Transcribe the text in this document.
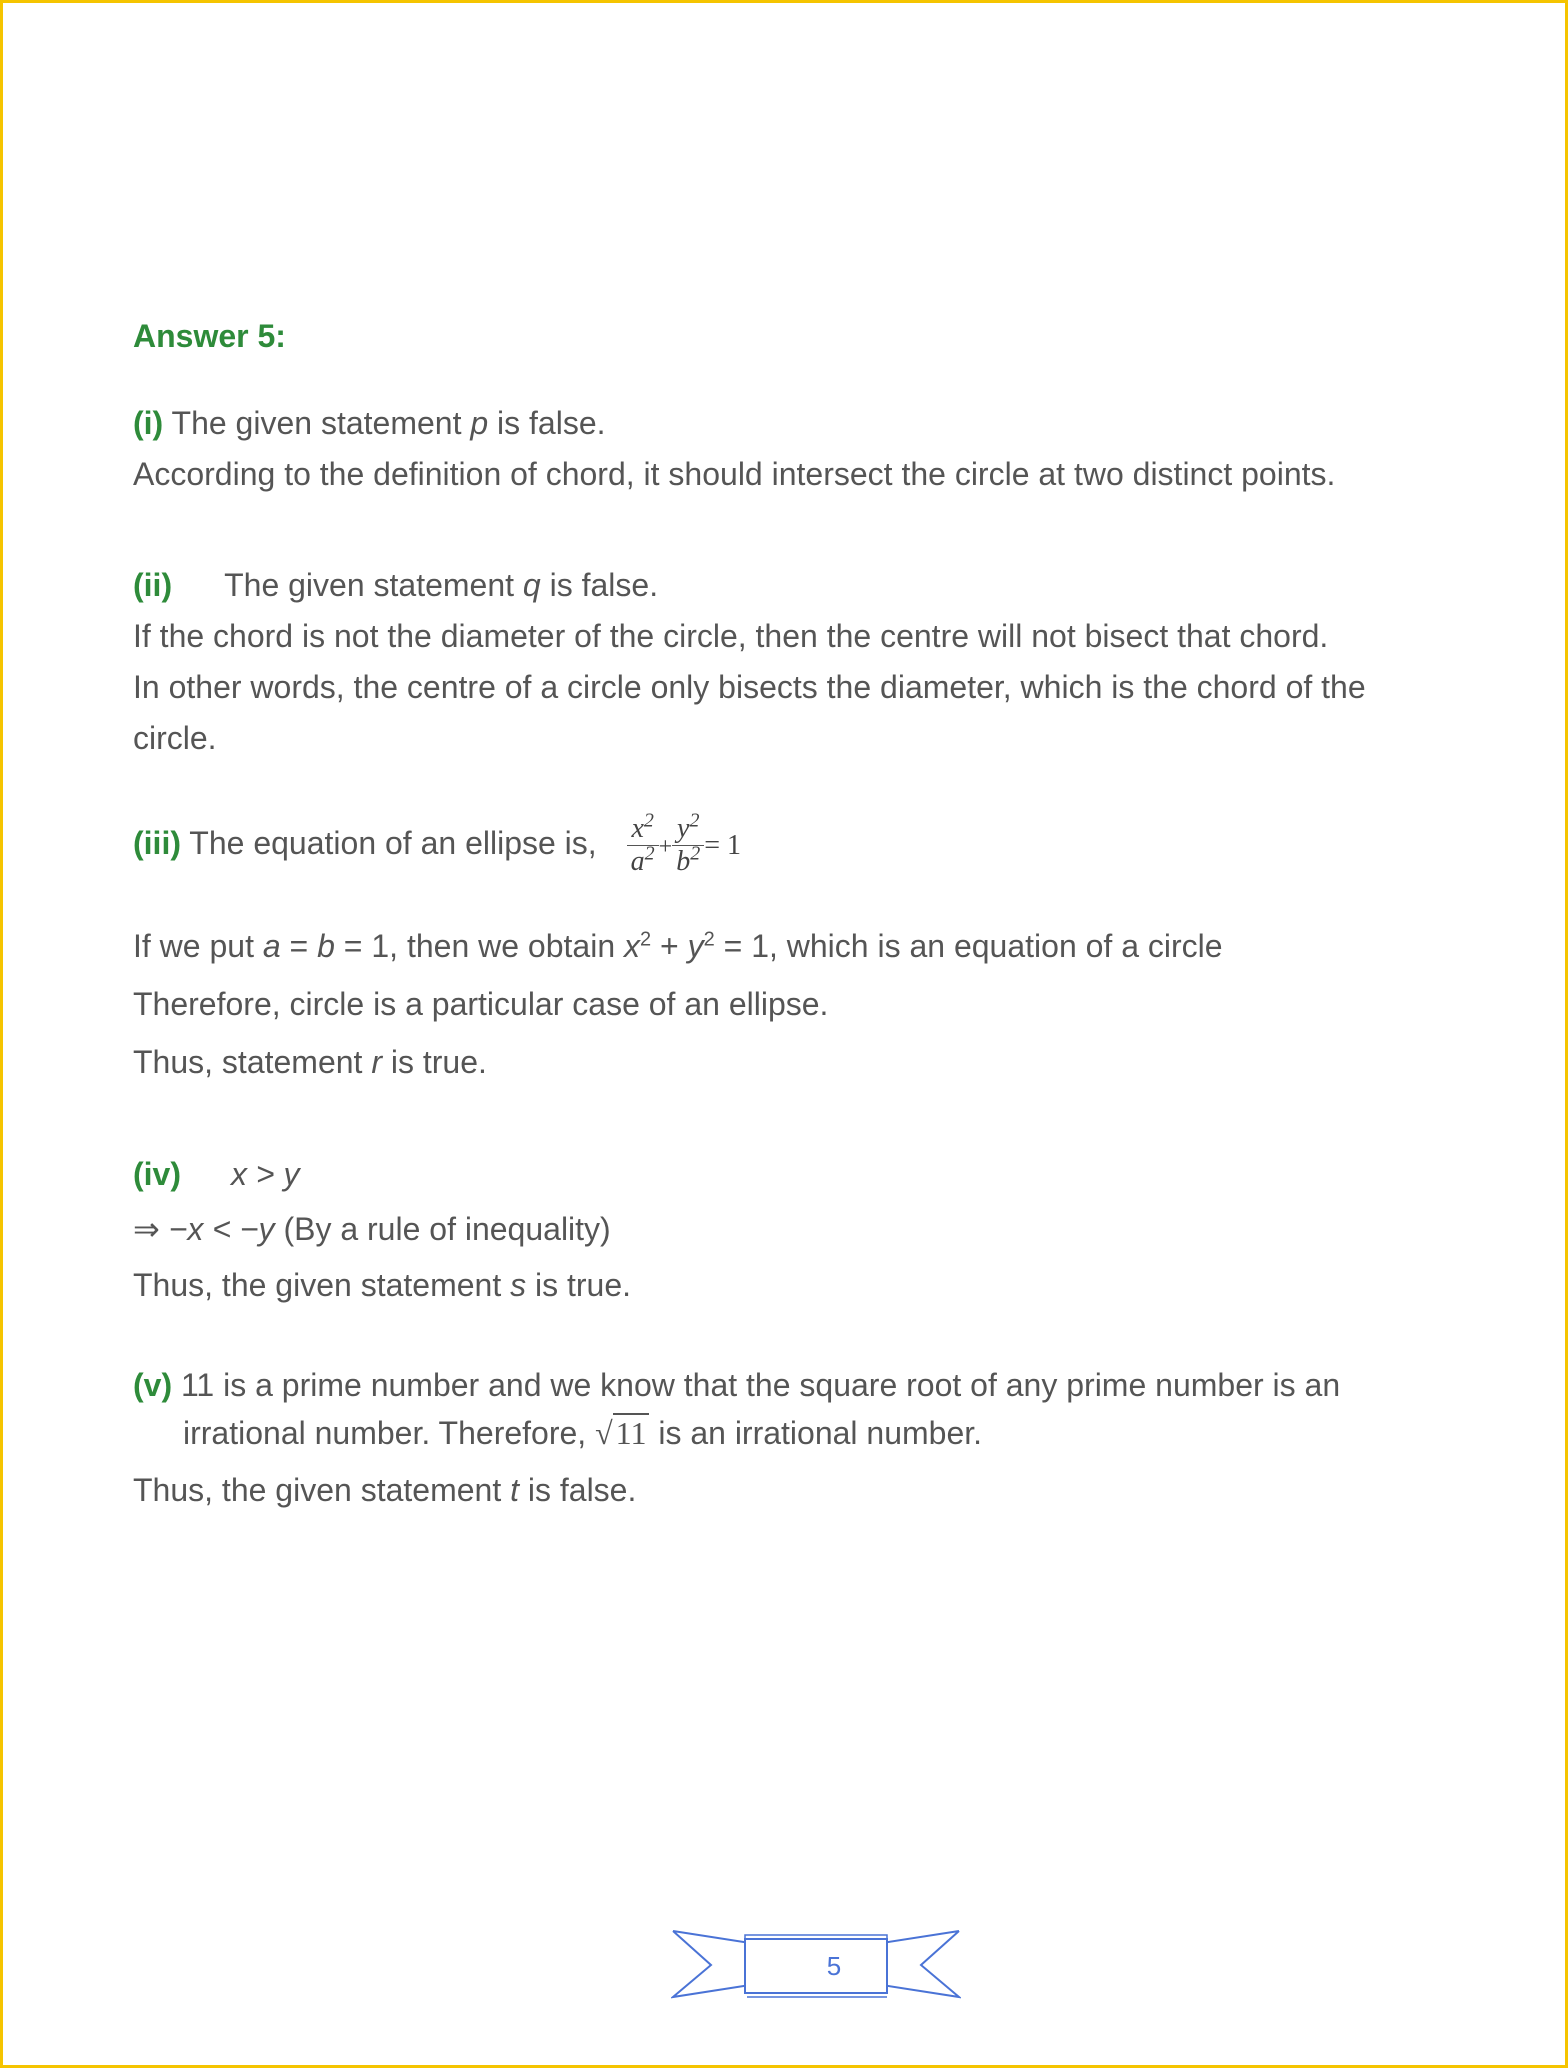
Answer 5:
(i) The given statement p is false.
According to the definition of chord, it should intersect the circle at two distinct points.
(ii) The given statement q is false.
If the chord is not the diameter of the circle, then the centre will not bisect that chord.
In other words, the centre of a circle only bisects the diameter, which is the chord of the
circle.
(iii) The equation of an ellipse is, $\frac{x^2}{a^2} + \frac{y^2}{b^2} = 1$
If we put a = b = 1, then we obtain $x^2 + y^2 = 1$, which is an equation of a circle
Therefore, circle is a particular case of an ellipse.
Thus, statement r is true.
(iv) x > y
⇒ −x < −y (By a rule of inequality)
Thus, the given statement s is true.
(v) 11 is a prime number and we know that the square root of any prime number is an
irrational number. Therefore, √11 is an irrational number.
Thus, the given statement t is false.
5
